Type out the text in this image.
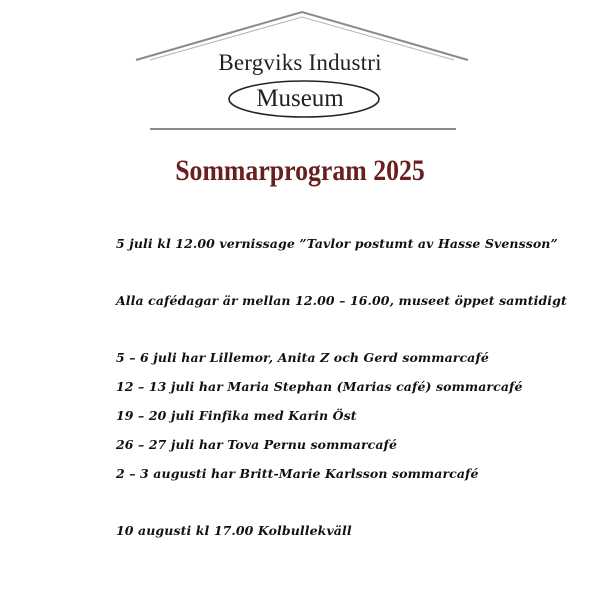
Bergviks Industri
Museum
Sommarprogram 2025
5 juli kl 12.00 vernissage ”Tavlor postumt av Hasse Svensson”
Alla cafédagar är mellan 12.00 – 16.00, museet öppet samtidigt
5 – 6 juli har Lillemor, Anita Z och Gerd sommarcafé
12 – 13 juli har Maria Stephan (Marias café) sommarcafé
19 – 20 juli Finfika med Karin Öst
26 – 27 juli har Tova Pernu sommarcafé
2 – 3 augusti har Britt-Marie Karlsson sommarcafé
10 augusti kl 17.00 Kolbullekväll
